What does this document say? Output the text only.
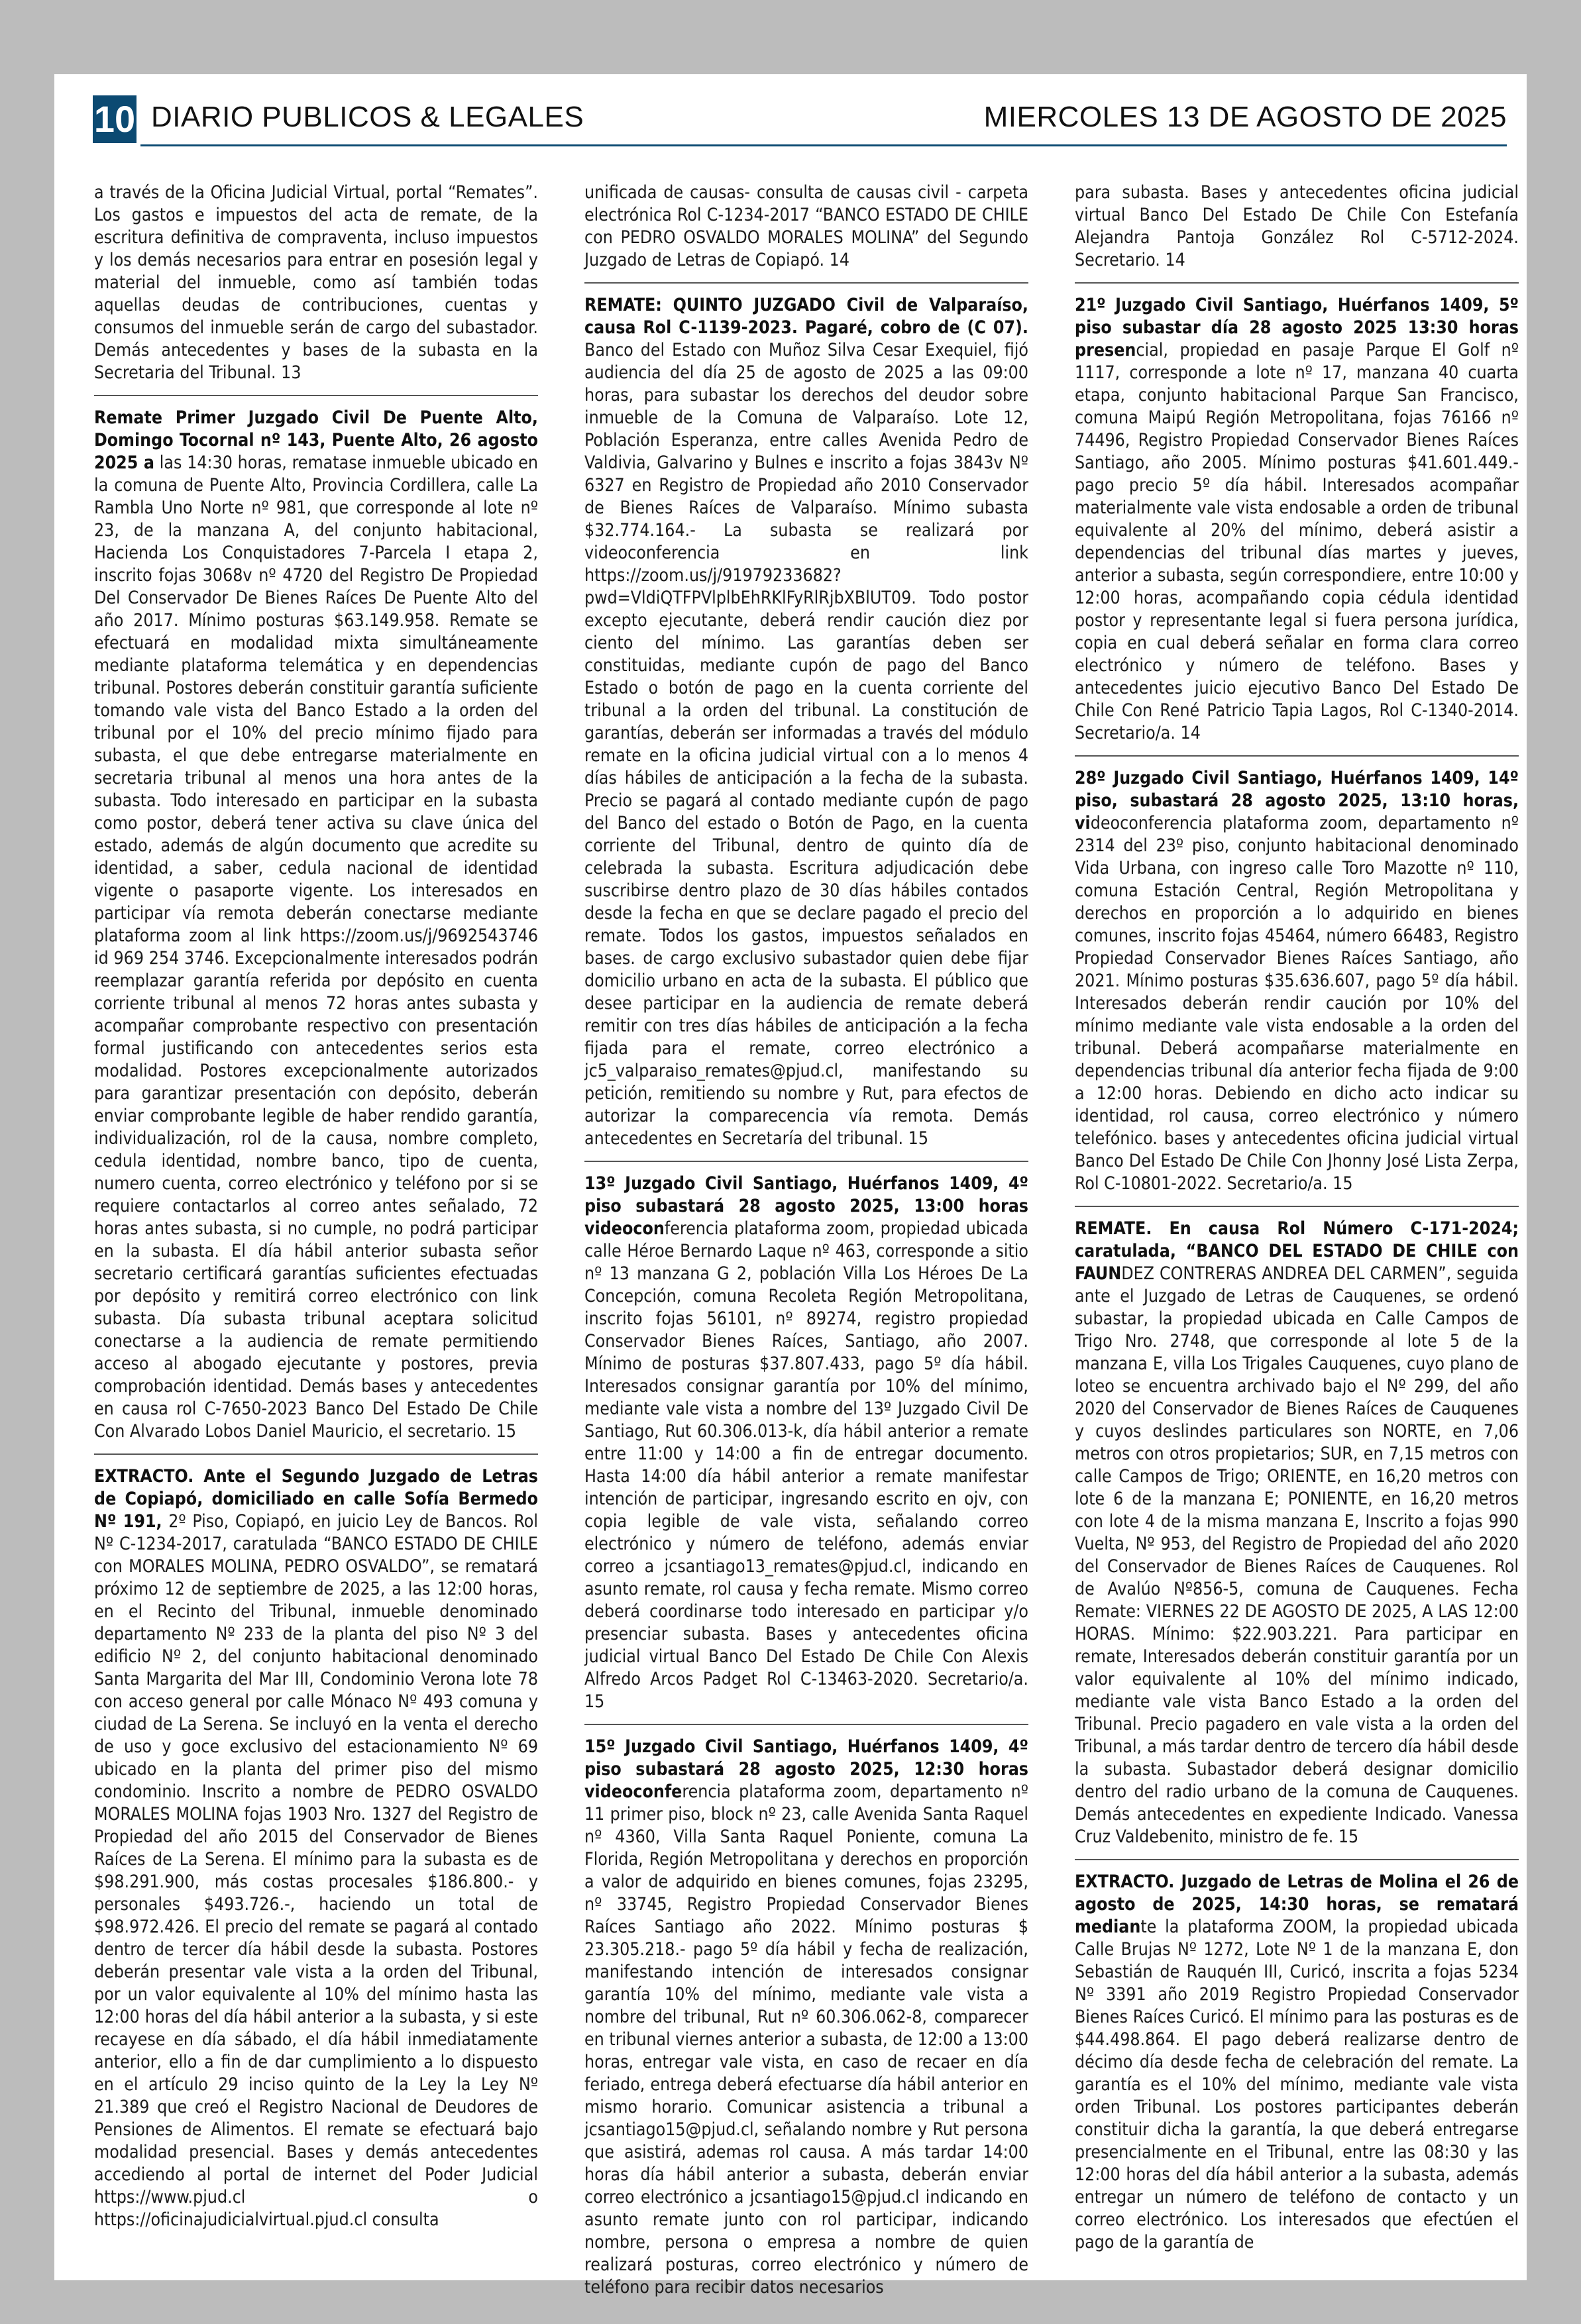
10 DIARIO PUBLICOS & LEGALES	MIERCOLES 13 DE AGOSTO DE 2025

a través de la Oficina Judicial Virtual, portal “Remates”. Los gastos e impuestos del acta de remate, de la escritura definitiva de compraventa, incluso impuestos y los demás necesarios para entrar en posesión legal y material del inmueble, como así también todas aquellas deudas de contribuciones, cuentas y consumos del inmueble serán de cargo del subastador. Demás antecedentes y bases de la subasta en la Secretaria del Tribunal. 13

Remate Primer Juzgado Civil De Puente Alto, Domingo Tocornal nº 143, Puente Alto, 26 agosto 2025 a las 14:30 horas, rematase inmueble ubicado en la comuna de Puente Alto, Provincia Cordillera, calle La Rambla Uno Norte nº 981, que corresponde al lote nº 23, de la manzana A, del conjunto habitacional, Hacienda Los Conquistadores 7-Parcela I etapa 2, inscrito fojas 3068v nº 4720 del Registro De Propiedad Del Conservador De Bienes Raíces De Puente Alto del año 2017. Mínimo posturas $63.149.958. Remate se efectuará en modalidad mixta simultáneamente mediante plataforma telemática y en dependencias tribunal. Postores deberán constituir garantía suficiente tomando vale vista del Banco Estado a la orden del tribunal por el 10% del precio mínimo fijado para subasta, el que debe entregarse materialmente en secretaria tribunal al menos una hora antes de la subasta. Todo interesado en participar en la subasta como postor, deberá tener activa su clave única del estado, además de algún documento que acredite su identidad, a saber, cedula nacional de identidad vigente o pasaporte vigente. Los interesados en participar vía remota deberán conectarse mediante plataforma zoom al link https://zoom.us/j/9692543746 id 969 254 3746. Excepcionalmente interesados podrán reemplazar garantía referida por depósito en cuenta corriente tribunal al menos 72 horas antes subasta y acompañar comprobante respectivo con presentación formal justificando con antecedentes serios esta modalidad. Postores excepcionalmente autorizados para garantizar presentación con depósito, deberán enviar comprobante legible de haber rendido garantía, individualización, rol de la causa, nombre completo, cedula identidad, nombre banco, tipo de cuenta, numero cuenta, correo electrónico y teléfono por si se requiere contactarlos al correo antes señalado, 72 horas antes subasta, si no cumple, no podrá participar en la subasta. El día hábil anterior subasta señor secretario certificará garantías suficientes efectuadas por depósito y remitirá correo electrónico con link subasta. Día subasta tribunal aceptara solicitud conectarse a la audiencia de remate permitiendo acceso al abogado ejecutante y postores, previa comprobación identidad. Demás bases y antecedentes en causa rol C-7650-2023 Banco Del Estado De Chile Con Alvarado Lobos Daniel Mauricio, el secretario. 15

EXTRACTO. Ante el Segundo Juzgado de Letras de Copiapó, domiciliado en calle Sofía Bermedo Nº 191, 2º Piso, Copiapó, en juicio Ley de Bancos. Rol Nº C-1234-2017, caratulada “BANCO ESTADO DE CHILE con MORALES MOLINA, PEDRO OSVALDO”, se rematará próximo 12 de septiembre de 2025, a las 12:00 horas, en el Recinto del Tribunal, inmueble denominado departamento Nº 233 de la planta del piso Nº 3 del edificio Nº 2, del conjunto habitacional denominado Santa Margarita del Mar III, Condominio Verona lote 78 con acceso general por calle Mónaco Nº 493 comuna y ciudad de La Serena. Se incluyó en la venta el derecho de uso y goce exclusivo del estacionamiento Nº 69 ubicado en la planta del primer piso del mismo condominio. Inscrito a nombre de PEDRO OSVALDO MORALES MOLINA fojas 1903 Nro. 1327 del Registro de Propiedad del año 2015 del Conservador de Bienes Raíces de La Serena. El mínimo para la subasta es de $98.291.900, más costas procesales $186.800.- y personales $493.726.-, haciendo un total de $98.972.426. El precio del remate se pagará al contado dentro de tercer día hábil desde la subasta. Postores deberán presentar vale vista a la orden del Tribunal, por un valor equivalente al 10% del mínimo hasta las 12:00 horas del día hábil anterior a la subasta, y si este recayese en día sábado, el día hábil inmediatamente anterior, ello a fin de dar cumplimiento a lo dispuesto en el artículo 29 inciso quinto de la Ley la Ley Nº 21.389 que creó el Registro Nacional de Deudores de Pensiones de Alimentos. El remate se efectuará bajo modalidad presencial. Bases y demás antecedentes accediendo al portal de internet del Poder Judicial https://www.pjud.cl o https://oficinajudicialvirtual.pjud.cl consulta

unificada de causas- consulta de causas civil - carpeta electrónica Rol C-1234-2017 “BANCO ESTADO DE CHILE con PEDRO OSVALDO MORALES MOLINA” del Segundo Juzgado de Letras de Copiapó. 14

REMATE: QUINTO JUZGADO Civil de Valparaíso, causa Rol C-1139-2023. Pagaré, cobro de (C 07). Banco del Estado con Muñoz Silva Cesar Exequiel, fijó audiencia del día 25 de agosto de 2025 a las 09:00 horas, para subastar los derechos del deudor sobre inmueble de la Comuna de Valparaíso. Lote 12, Población Esperanza, entre calles Avenida Pedro de Valdivia, Galvarino y Bulnes e inscrito a fojas 3843v Nº 6327 en Registro de Propiedad año 2010 Conservador de Bienes Raíces de Valparaíso. Mínimo subasta $32.774.164.- La subasta se realizará por videoconferencia en link https://zoom.us/j/91979233682?pwd=VldiQTFPVlplbEhRKlFyRlRjbXBlUT09. Todo postor excepto ejecutante, deberá rendir caución diez por ciento del mínimo. Las garantías deben ser constituidas, mediante cupón de pago del Banco Estado o botón de pago en la cuenta corriente del tribunal a la orden del tribunal. La constitución de garantías, deberán ser informadas a través del módulo remate en la oficina judicial virtual con a lo menos 4 días hábiles de anticipación a la fecha de la subasta. Precio se pagará al contado mediante cupón de pago del Banco del estado o Botón de Pago, en la cuenta corriente del Tribunal, dentro de quinto día de celebrada la subasta. Escritura adjudicación debe suscribirse dentro plazo de 30 días hábiles contados desde la fecha en que se declare pagado el precio del remate. Todos los gastos, impuestos señalados en bases. de cargo exclusivo subastador quien debe fijar domicilio urbano en acta de la subasta. El público que desee participar en la audiencia de remate deberá remitir con tres días hábiles de anticipación a la fecha fijada para el remate, correo electrónico a jc5_valparaiso_remates@pjud.cl, manifestando su petición, remitiendo su nombre y Rut, para efectos de autorizar la comparecencia vía remota. Demás antecedentes en Secretaría del tribunal. 15

13º Juzgado Civil Santiago, Huérfanos 1409, 4º piso subastará 28 agosto 2025, 13:00 horas videoconferencia plataforma zoom, propiedad ubicada calle Héroe Bernardo Laque nº 463, corresponde a sitio nº 13 manzana G 2, población Villa Los Héroes De La Concepción, comuna Recoleta Región Metropolitana, inscrito fojas 56101, nº 89274, registro propiedad Conservador Bienes Raíces, Santiago, año 2007. Mínimo de posturas $37.807.433, pago 5º día hábil. Interesados consignar garantía por 10% del mínimo, mediante vale vista a nombre del 13º Juzgado Civil De Santiago, Rut 60.306.013-k, día hábil anterior a remate entre 11:00 y 14:00 a fin de entregar documento. Hasta 14:00 día hábil anterior a remate manifestar intención de participar, ingresando escrito en ojv, con copia legible de vale vista, señalando correo electrónico y número de teléfono, además enviar correo a jcsantiago13_remates@pjud.cl, indicando en asunto remate, rol causa y fecha remate. Mismo correo deberá coordinarse todo interesado en participar y/o presenciar subasta. Bases y antecedentes oficina judicial virtual Banco Del Estado De Chile Con Alexis Alfredo Arcos Padget Rol C-13463-2020. Secretario/a. 15

15º Juzgado Civil Santiago, Huérfanos 1409, 4º piso subastará 28 agosto 2025, 12:30 horas videoconferencia plataforma zoom, departamento nº 11 primer piso, block nº 23, calle Avenida Santa Raquel nº 4360, Villa Santa Raquel Poniente, comuna La Florida, Región Metropolitana y derechos en proporción a valor de adquirido en bienes comunes, fojas 23295, nº 33745, Registro Propiedad Conservador Bienes Raíces Santiago año 2022. Mínimo posturas $ 23.305.218.- pago 5º día hábil y fecha de realización, manifestando intención de interesados consignar garantía 10% del mínimo, mediante vale vista a nombre del tribunal, Rut nº 60.306.062-8, comparecer en tribunal viernes anterior a subasta, de 12:00 a 13:00 horas, entregar vale vista, en caso de recaer en día feriado, entrega deberá efectuarse día hábil anterior en mismo horario. Comunicar asistencia a tribunal a jcsantiago15@pjud.cl, señalando nombre y Rut persona que asistirá, ademas rol causa. A más tardar 14:00 horas día hábil anterior a subasta, deberán enviar correo electrónico a jcsantiago15@pjud.cl indicando en asunto remate junto con rol participar, indicando nombre, persona o empresa a nombre de quien realizará posturas, correo electrónico y número de teléfono para recibir datos necesarios

para subasta. Bases y antecedentes oficina judicial virtual Banco Del Estado De Chile Con Estefanía Alejandra Pantoja González Rol C-5712-2024. Secretario. 14

21º Juzgado Civil Santiago, Huérfanos 1409, 5º piso subastar día 28 agosto 2025 13:30 horas presencial, propiedad en pasaje Parque El Golf nº 1117, corresponde a lote nº 17, manzana 40 cuarta etapa, conjunto habitacional Parque San Francisco, comuna Maipú Región Metropolitana, fojas 76166 nº 74496, Registro Propiedad Conservador Bienes Raíces Santiago, año 2005. Mínimo posturas $41.601.449.- pago precio 5º día hábil. Interesados acompañar materialmente vale vista endosable a orden de tribunal equivalente al 20% del mínimo, deberá asistir a dependencias del tribunal días martes y jueves, anterior a subasta, según correspondiere, entre 10:00 y 12:00 horas, acompañando copia cédula identidad postor y representante legal si fuera persona jurídica, copia en cual deberá señalar en forma clara correo electrónico y número de teléfono. Bases y antecedentes juicio ejecutivo Banco Del Estado De Chile Con René Patricio Tapia Lagos, Rol C-1340-2014. Secretario/a. 14

28º Juzgado Civil Santiago, Huérfanos 1409, 14º piso, subastará 28 agosto 2025, 13:10 horas, videoconferencia plataforma zoom, departamento nº 2314 del 23º piso, conjunto habitacional denominado Vida Urbana, con ingreso calle Toro Mazotte nº 110, comuna Estación Central, Región Metropolitana y derechos en proporción a lo adquirido en bienes comunes, inscrito fojas 45464, número 66483, Registro Propiedad Conservador Bienes Raíces Santiago, año 2021. Mínimo posturas $35.636.607, pago 5º día hábil. Interesados deberán rendir caución por 10% del mínimo mediante vale vista endosable a la orden del tribunal. Deberá acompañarse materialmente en dependencias tribunal día anterior fecha fijada de 9:00 a 12:00 horas. Debiendo en dicho acto indicar su identidad, rol causa, correo electrónico y número telefónico. bases y antecedentes oficina judicial virtual Banco Del Estado De Chile Con Jhonny José Lista Zerpa, Rol C-10801-2022. Secretario/a. 15

REMATE. En causa Rol Número C-171-2024; caratulada, “BANCO DEL ESTADO DE CHILE con FAUNDEZ CONTRERAS ANDREA DEL CARMEN”, seguida ante el Juzgado de Letras de Cauquenes, se ordenó subastar, la propiedad ubicada en Calle Campos de Trigo Nro. 2748, que corresponde al lote 5 de la manzana E, villa Los Trigales Cauquenes, cuyo plano de loteo se encuentra archivado bajo el Nº 299, del año 2020 del Conservador de Bienes Raíces de Cauquenes y cuyos deslindes particulares son NORTE, en 7,06 metros con otros propietarios; SUR, en 7,15 metros con calle Campos de Trigo; ORIENTE, en 16,20 metros con lote 6 de la manzana E; PONIENTE, en 16,20 metros con lote 4 de la misma manzana E, Inscrito a fojas 990 Vuelta, Nº 953, del Registro de Propiedad del año 2020 del Conservador de Bienes Raíces de Cauquenes. Rol de Avalúo Nº856-5, comuna de Cauquenes. Fecha Remate: VIERNES 22 DE AGOSTO DE 2025, A LAS 12:00 HORAS. Mínimo: $22.903.221. Para participar en remate, Interesados deberán constituir garantía por un valor equivalente al 10% del mínimo indicado, mediante vale vista Banco Estado a la orden del Tribunal. Precio pagadero en vale vista a la orden del Tribunal, a más tardar dentro de tercero día hábil desde la subasta. Subastador deberá designar domicilio dentro del radio urbano de la comuna de Cauquenes. Demás antecedentes en expediente Indicado. Vanessa Cruz Valdebenito, ministro de fe. 15

EXTRACTO. Juzgado de Letras de Molina el 26 de agosto de 2025, 14:30 horas, se rematará mediante la plataforma ZOOM, la propiedad ubicada Calle Brujas Nº 1272, Lote Nº 1 de la manzana E, don Sebastián de Rauquén III, Curicó, inscrita a fojas 5234 Nº 3391 año 2019 Registro Propiedad Conservador Bienes Raíces Curicó. El mínimo para las posturas es de $44.498.864. El pago deberá realizarse dentro de décimo día desde fecha de celebración del remate. La garantía es el 10% del mínimo, mediante vale vista orden Tribunal. Los postores participantes deberán constituir dicha la garantía, la que deberá entregarse presencialmente en el Tribunal, entre las 08:30 y las 12:00 horas del día hábil anterior a la subasta, además entregar un número de teléfono de contacto y un correo electrónico. Los interesados que efectúen el pago de la garantía de
